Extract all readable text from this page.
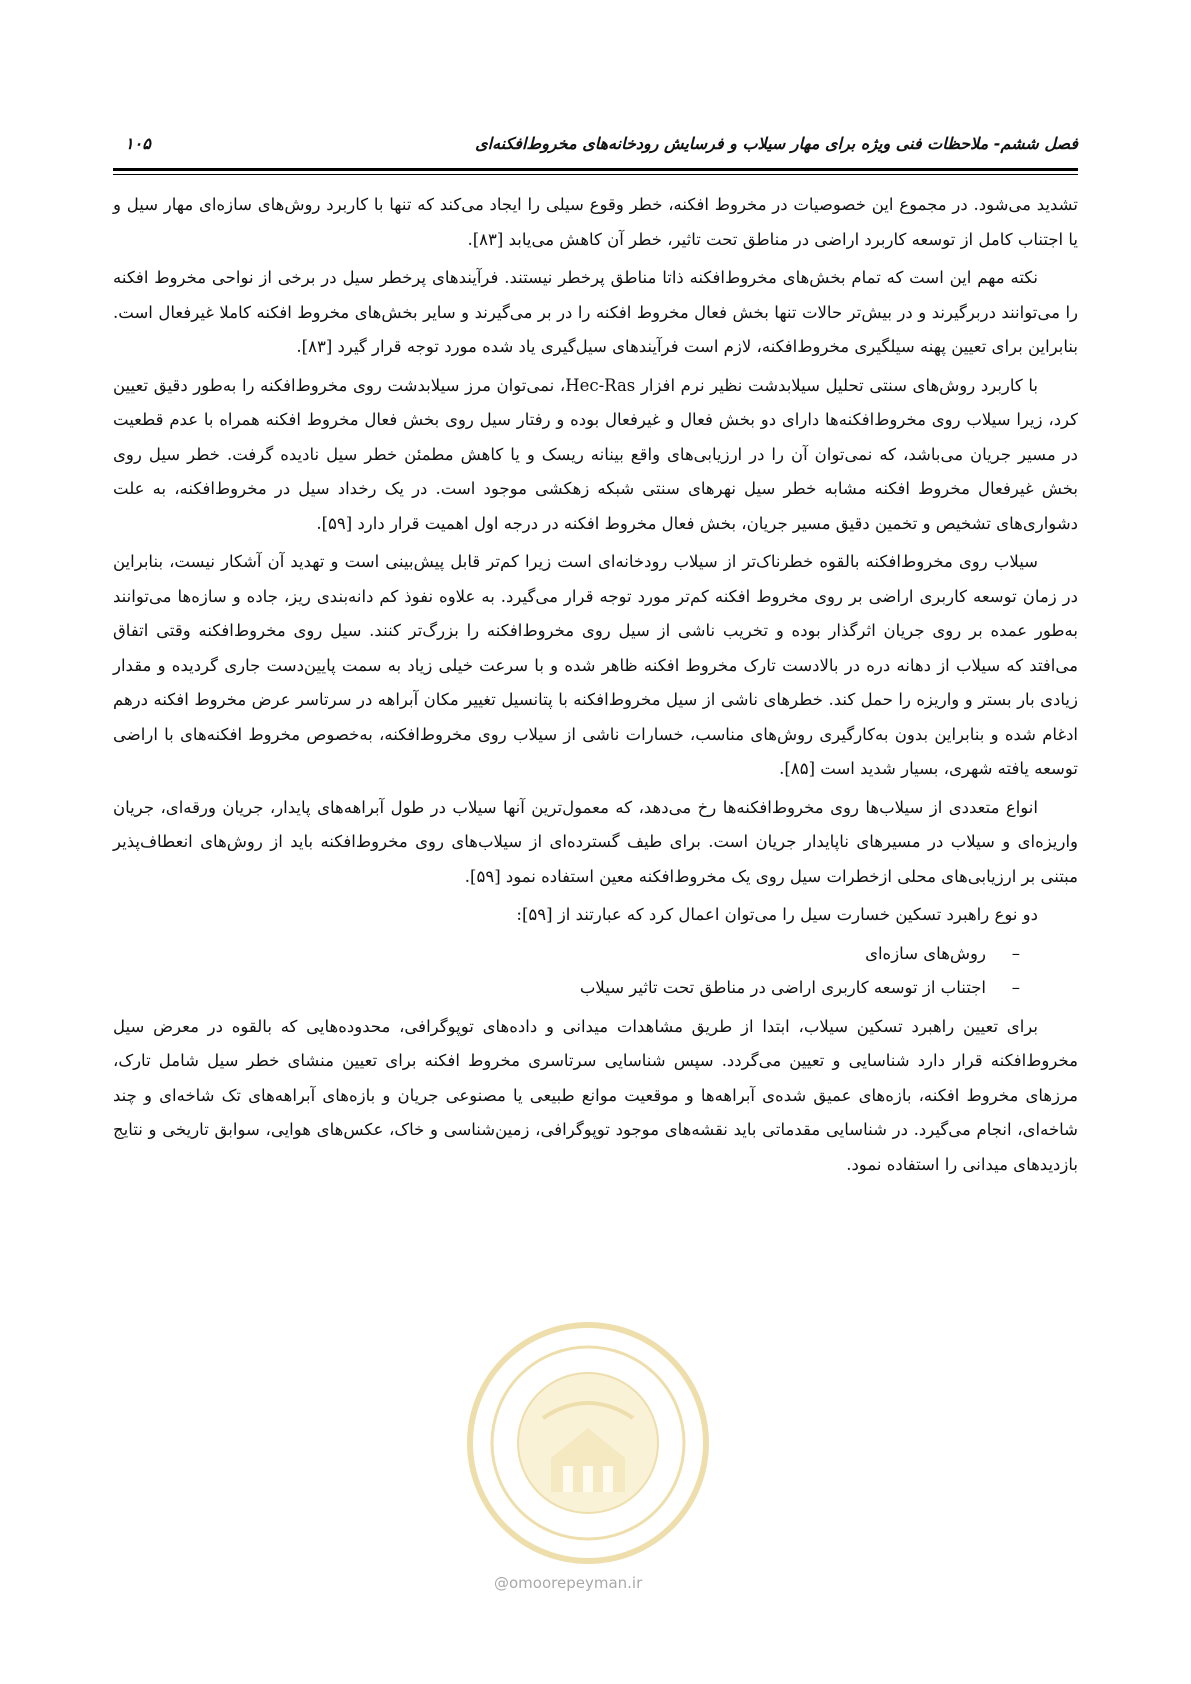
فصل ششم- ملاحظات فنی ویژه برای مهار سیلاب و فرسایش رودخانه‌های مخروط‌افکنه‌ای
۱۰۵

تشدید می‌شود. در مجموع این خصوصیات در مخروط افکنه، خطر وقوع سیلی را ایجاد می‌کند که تنها با کاربرد روش‌های سازه‌ای مهار سیل و یا اجتناب کامل از توسعه کاربرد اراضی در مناطق تحت تاثیر، خطر آن کاهش می‌یابد [۸۳].

نکته مهم این است که تمام بخش‌های مخروط‌افکنه ذاتا مناطق پرخطر نیستند. فرآیندهای پرخطر سیل در برخی از نواحی مخروط افکنه را می‌توانند دربرگیرند و در بیش‌تر حالات تنها بخش فعال مخروط افکنه را در بر می‌گیرند و سایر بخش‌های مخروط افکنه کاملا غیرفعال است. بنابراین برای تعیین پهنه سیلگیری مخروط‌افکنه، لازم است فرآیندهای سیل‌گیری یاد شده مورد توجه قرار گیرد [۸۳].

با کاربرد روش‌های سنتی تحلیل سیلابدشت نظیر نرم افزار Hec-Ras، نمی‌توان مرز سیلابدشت روی مخروط‌افکنه را به‌طور دقیق تعیین کرد، زیرا سیلاب روی مخروط‌افکنه‌ها دارای دو بخش فعال و غیرفعال بوده و رفتار سیل روی بخش فعال مخروط افکنه همراه با عدم قطعیت در مسیر جریان می‌باشد، که نمی‌توان آن را در ارزیابی‌های واقع بینانه ریسک و یا کاهش مطمئن خطر سیل نادیده گرفت. خطر سیل روی بخش غیرفعال مخروط افکنه مشابه خطر سیل نهرهای سنتی شبکه زهکشی موجود است. در یک رخداد سیل در مخروط‌افکنه، به علت دشواری‌های تشخیص و تخمین دقیق مسیر جریان، بخش فعال مخروط افکنه در درجه اول اهمیت قرار دارد [۵۹].

سیلاب روی مخروط‌افکنه بالقوه خطرناک‌تر از سیلاب رودخانه‌ای است زیرا کم‌تر قابل پیش‌بینی است و تهدید آن آشکار نیست، بنابراین در زمان توسعه کاربری اراضی بر روی مخروط افکنه کم‌تر مورد توجه قرار می‌گیرد. به علاوه نفوذ کم دانه‌بندی ریز، جاده و سازه‌ها می‌توانند به‌طور عمده بر روی جریان اثرگذار بوده و تخریب ناشی از سیل روی مخروط‌افکنه را بزرگ‌تر کنند. سیل روی مخروط‌افکنه وقتی اتفاق می‌افتد که سیلاب از دهانه دره در بالادست تارک مخروط افکنه ظاهر شده و با سرعت خیلی زیاد به سمت پایین‌دست جاری گردیده و مقدار زیادی بار بستر و واریزه را حمل کند. خطرهای ناشی از سیل مخروط‌افکنه با پتانسیل تغییر مکان آبراهه در سرتاسر عرض مخروط افکنه درهم ادغام شده و بنابراین بدون به‌کارگیری روش‌های مناسب، خسارات ناشی از سیلاب روی مخروط‌افکنه، به‌خصوص مخروط افکنه‌های با اراضی توسعه یافته شهری، بسیار شدید است [۸۵].

انواع متعددی از سیلاب‌ها روی مخروط‌افکنه‌ها رخ می‌دهد، که معمول‌ترین آنها سیلاب در طول آبراهه‌های پایدار، جریان ورقه‌ای، جریان واریزه‌ای و سیلاب در مسیرهای ناپایدار جریان است. برای طیف گسترده‌ای از سیلاب‌های روی مخروط‌افکنه باید از روش‌های انعطاف‌پذیر مبتنی بر ارزیابی‌های محلی ازخطرات سیل روی یک مخروط‌افکنه معین استفاده نمود [۵۹].

دو نوع راهبرد تسکین خسارت سیل را می‌توان اعمال کرد که عبارتند از [۵۹]:

–روش‌های سازه‌ای
–اجتناب از توسعه کاربری اراضی در مناطق تحت تاثیر سیلاب

برای تعیین راهبرد تسکین سیلاب، ابتدا از طریق مشاهدات میدانی و داده‌های توپوگرافی، محدوده‌هایی که بالقوه در معرض سیل مخروط‌افکنه قرار دارد شناسایی و تعیین می‌گردد. سپس شناسایی سرتاسری مخروط افکنه برای تعیین منشای خطر سیل شامل تارک، مرزهای مخروط افکنه، بازه‌های عمیق شده‌ی آبراهه‌ها و موقعیت موانع طبیعی یا مصنوعی جریان و بازه‌های آبراهه‌های تک شاخه‌ای و چند شاخه‌ای، انجام می‌گیرد. در شناسایی مقدماتی باید نقشه‌های موجود توپوگرافی، زمین‌شناسی و خاک، عکس‌های هوایی، سوابق تاریخی و نتایج بازدیدهای میدانی را استفاده نمود.

@omoorepeyman.ir
